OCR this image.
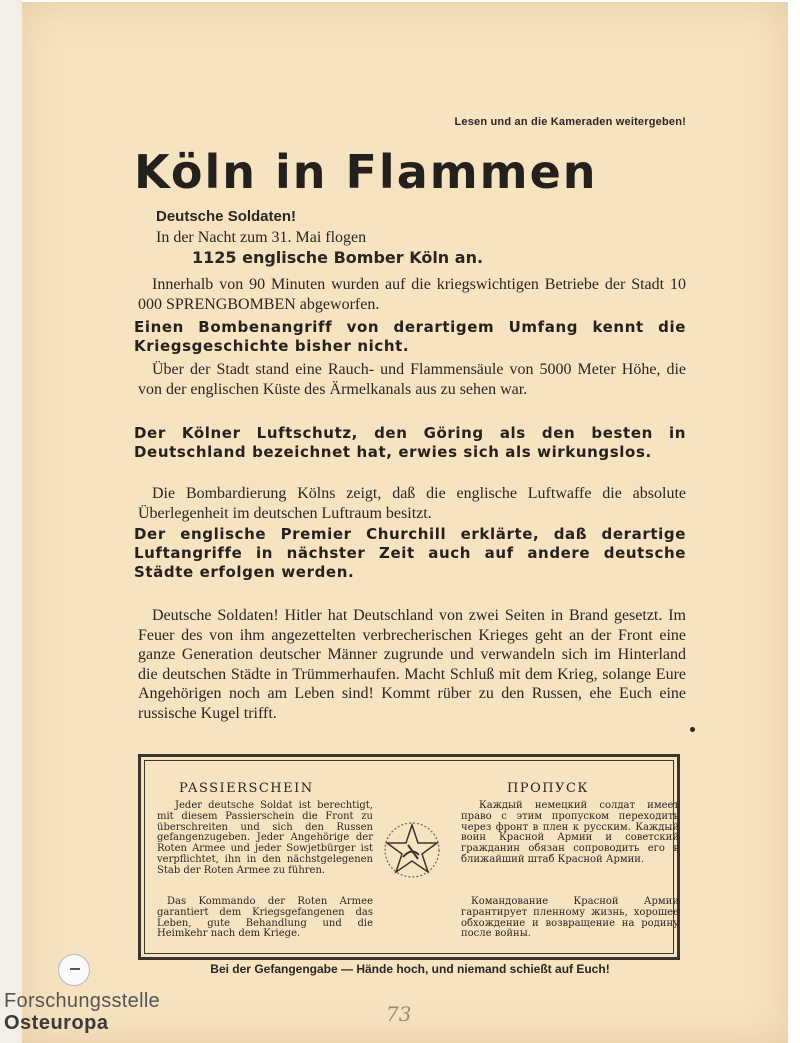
Lesen und an die Kameraden weitergeben!
Köln in Flammen
Deutsche Soldaten!
In der Nacht zum 31. Mai flogen
1125 englische Bomber Köln an.
Innerhalb von 90 Minuten wurden auf die kriegswichtigen Betriebe der Stadt 10 000 SPRENGBOMBEN abgeworfen.
Einen Bombenangriff von derartigem Umfang kennt die Kriegsgeschichte bisher nicht.
Über der Stadt stand eine Rauch- und Flammensäule von 5000 Meter Höhe, die von der englischen Küste des Ärmelkanals aus zu sehen war.
Der Kölner Luftschutz, den Göring als den besten in Deutschland bezeichnet hat, erwies sich als wirkungslos.
Die Bombardierung Kölns zeigt, daß die englische Luftwaffe die absolute Überlegenheit im deutschen Luftraum besitzt.
Der englische Premier Churchill erklärte, daß derartige Luftangriffe in nächster Zeit auch auf andere deutsche Städte erfolgen werden.
Deutsche Soldaten! Hitler hat Deutschland von zwei Seiten in Brand gesetzt. Im Feuer des von ihm angezettelten verbrecherischen Krieges geht an der Front eine ganze Generation deutscher Männer zugrunde und verwandeln sich im Hinterland die deutschen Städte in Trümmerhaufen. Macht Schluß mit dem Krieg, solange Eure Angehörigen noch am Leben sind! Kommt rüber zu den Russen, ehe Euch eine russische Kugel trifft.
PASSIERSCHEIN	ПРОПУСК
Jeder deutsche Soldat ist berechtigt, mit diesem Passierschein die Front zu überschreiten und sich den Russen gefangenzugeben. Jeder Angehörige der Roten Armee und jeder Sowjetbürger ist verpflichtet, ihn in den nächstgelegenen Stab der Roten Armee zu führen.
Das Kommando der Roten Armee garantiert dem Kriegsgefangenen das Leben, gute Behandlung und die Heimkehr nach dem Kriege.
Каждый немецкий солдат имеет право с этим пропуском переходить через фронт в плен к русским. Каждый воин Красной Армии и советский гражданин обязан сопроводить его в ближайший штаб Красной Армии.
Командование Красной Армии гарантирует пленному жизнь, хорошее обхождение и возвращение на родину после войны.
Bei der Gefangengabe — Hände hoch, und niemand schießt auf Euch!
Forschungsstelle
Osteuropa	73
